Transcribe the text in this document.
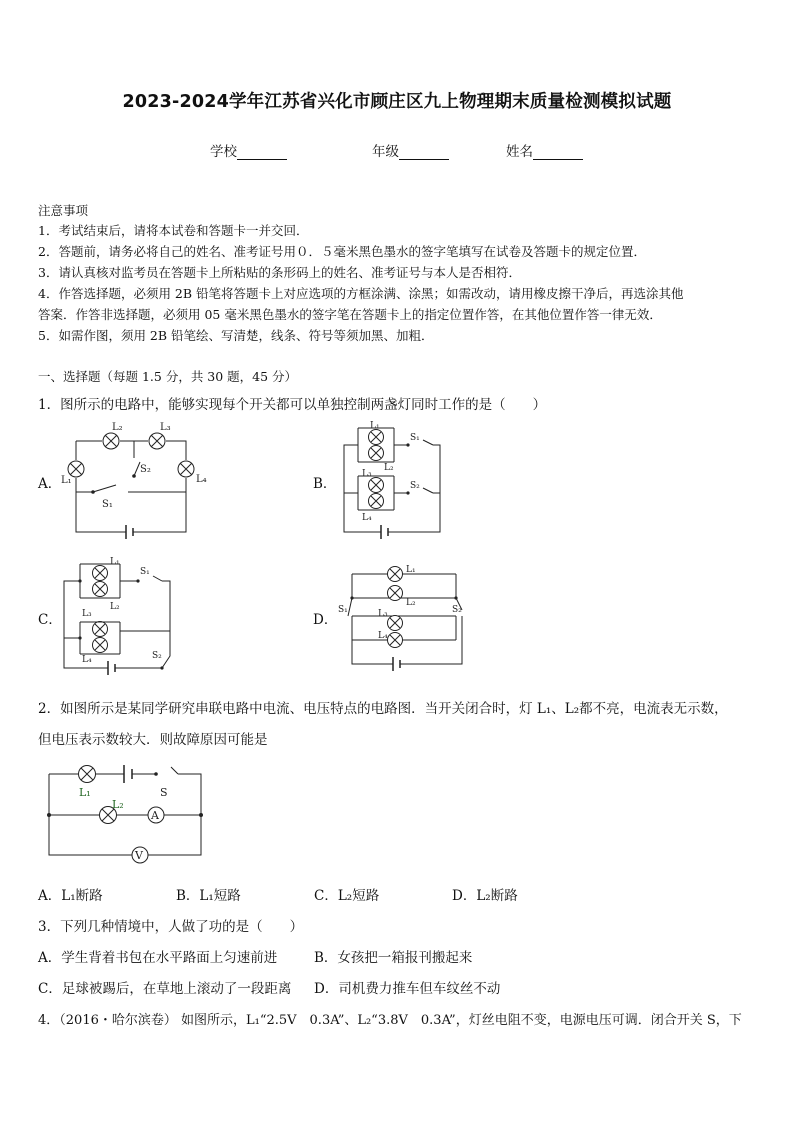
2023-2024学年江苏省兴化市顾庄区九上物理期末质量检测模拟试题
学校	年级	姓名
注意事项
1．考试结束后，请将本试卷和答题卡一并交回．
2．答题前，请务必将自己的姓名、准考证号用０．５毫米黑色墨水的签字笔填写在试卷及答题卡的规定位置．
3．请认真核对监考员在答题卡上所粘贴的条形码上的姓名、准考证号与本人是否相符．
4．作答选择题，必须用 2B 铅笔将答题卡上对应选项的方框涂满、涂黑；如需改动，请用橡皮擦干净后，再选涂其他
答案．作答非选择题，必须用 05 毫米黑色墨水的签字笔在答题卡上的指定位置作答，在其他位置作答一律无效．
5．如需作图，须用 2B 铅笔绘、写清楚，线条、符号等须加黑、加粗．
一、选择题（每题 1.5 分，共 30 题，45 分）
1．图所示的电路中，能够实现每个开关都可以单独控制两盏灯同时工作的是（　　）
A．	B．
C．	D．
L₂	L₃
L₁	L₄
S₂
S₁
L₁
L₂
L₃
L₄
S₁
S₂
L₁
L₂
L₃
L₄
S₁
S₂
L₁
L₂
L₃
L₄
S₁	S₂
2．如图所示是某同学研究串联电路中电流、电压特点的电路图．当开关闭合时，灯 L₁、L₂都不亮，电流表无示数，
但电压表示数较大．则故障原因可能是
A
V
L₁
L₂
S
A．L₁断路	B．L₁短路	C．L₂短路	D．L₂断路
3．下列几种情境中，人做了功的是（　　）
A．学生背着书包在水平路面上匀速前进	B．女孩把一箱报刊搬起来
C．足球被踢后，在草地上滚动了一段距离 D．司机费力推车但车纹丝不动
4．（2016・哈尔滨卷） 如图所示，L₁“2.5V　0.3A”、L₂“3.8V　0.3A”，灯丝电阻不变，电源电压可调．闭合开关 S，下
